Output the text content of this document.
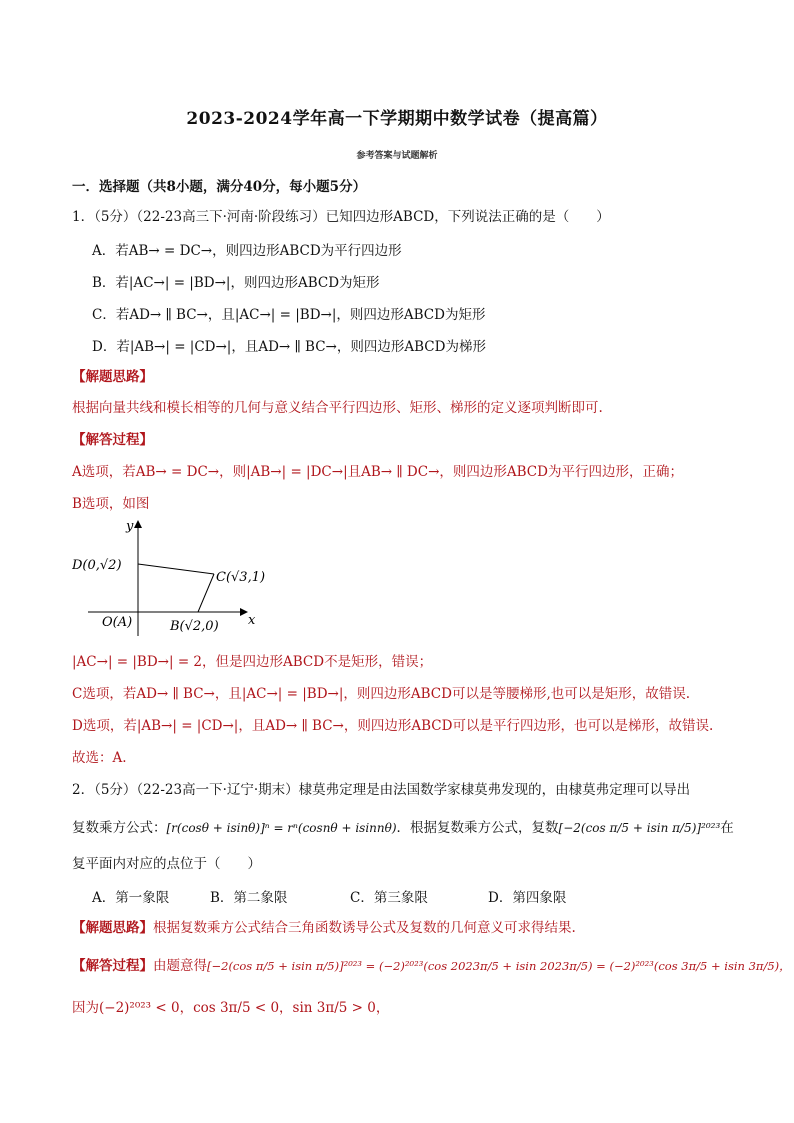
2023-2024学年高一下学期期中数学试卷（提高篇）
参考答案与试题解析
一．选择题（共8小题，满分40分，每小题5分）
1．（5分）（22-23高三下·河南·阶段练习）已知四边形ABCD，下列说法正确的是（　　）
A．若AB→ = DC→，则四边形ABCD为平行四边形
B．若|AC→| = |BD→|，则四边形ABCD为矩形
C．若AD→ ∥ BC→，且|AC→| = |BD→|，则四边形ABCD为矩形
D．若|AB→| = |CD→|，且AD→ ∥ BC→，则四边形ABCD为梯形
【解题思路】
根据向量共线和模长相等的几何与意义结合平行四边形、矩形、梯形的定义逐项判断即可.
【解答过程】
A选项，若AB→ = DC→，则|AB→| = |DC→|且AB→ ∥ DC→，则四边形ABCD为平行四边形，正确；
B选项，如图
y
x
D(0,√2)
C(√3,1)
O(A)	B(√2,0)
|AC→| = |BD→| = 2，但是四边形ABCD不是矩形，错误；
C选项，若AD→ ∥ BC→，且|AC→| = |BD→|，则四边形ABCD可以是等腰梯形,也可以是矩形，故错误.
D选项，若|AB→| = |CD→|，且AD→ ∥ BC→，则四边形ABCD可以是平行四边形，也可以是梯形，故错误.
故选：A.
2．（5分）（22-23高一下·辽宁·期末）棣莫弗定理是由法国数学家棣莫弗发现的，由棣莫弗定理可以导出
复数乘方公式：[r(cosθ + isinθ)]ⁿ = rⁿ(cosnθ + isinnθ)．根据复数乘方公式，复数[−2(cos π/5 + isin π/5)]²⁰²³在
复平面内对应的点位于（　　）
A．第一象限	B．第二象限	C．第三象限	D．第四象限
【解题思路】根据复数乘方公式结合三角函数诱导公式及复数的几何意义可求得结果.
【解答过程】由题意得[−2(cos π/5 + isin π/5)]²⁰²³ = (−2)²⁰²³(cos 2023π/5 + isin 2023π/5) = (−2)²⁰²³(cos 3π/5 + isin 3π/5)，
因为(−2)²⁰²³ < 0，cos 3π/5 < 0，sin 3π/5 > 0，
